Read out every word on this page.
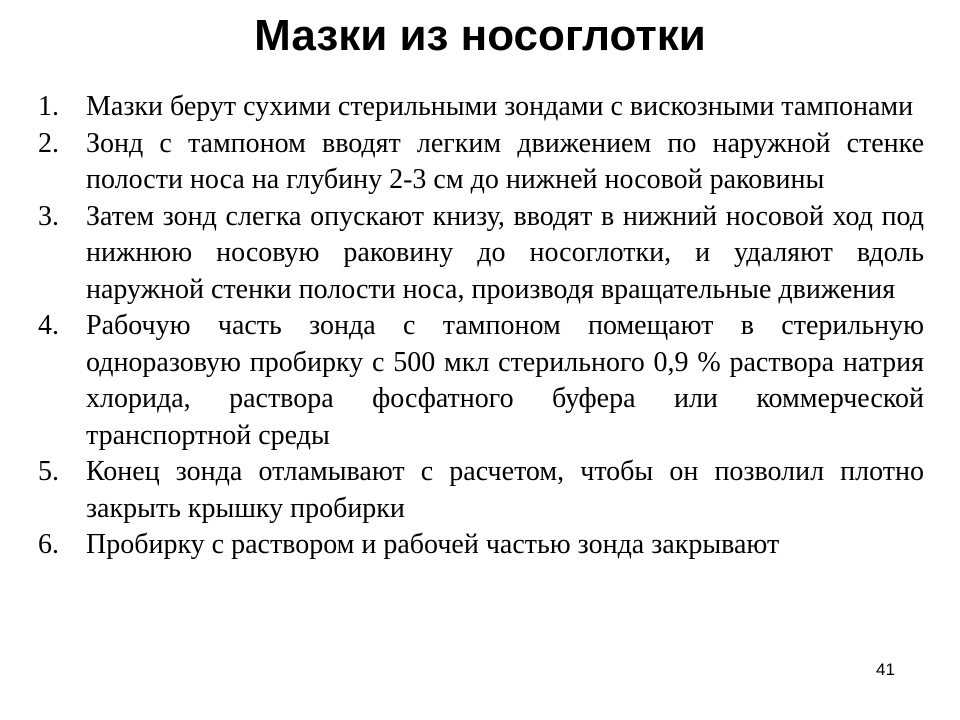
Мазки из носоглотки
1. Мазки берут сухими стерильными зондами с вискозными тампонами
2. Зонд с тампоном вводят легким движением по наружной стенке полости носа на глубину 2-3 см до нижней носовой раковины
3. Затем зонд слегка опускают книзу, вводят в нижний носовой ход под нижнюю носовую раковину до носоглотки, и удаляют вдоль наружной стенки полости носа, производя вращательные движения
4. Рабочую часть зонда с тампоном помещают в стерильную одноразовую пробирку с 500 мкл стерильного 0,9 % раствора натрия хлорида, раствора фосфатного буфера или коммерческой транспортной среды
5. Конец зонда отламывают с расчетом, чтобы он позволил плотно закрыть крышку пробирки
6. Пробирку с раствором и рабочей частью зонда закрывают
41
